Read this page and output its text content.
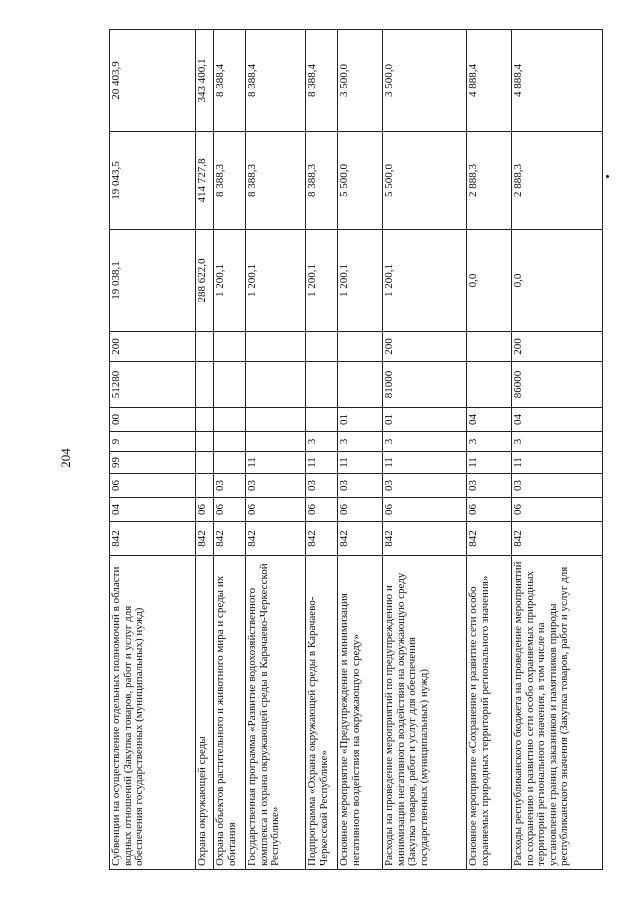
204
Субвенции на осуществление отдельных полномочий в области водных отношений (Закупка товаров, работ и услуг для обеспечения государственных (муниципальных) нужд)	842	04	06	99	9	00	51280	200	19 038,1	19 043,5	20 403,9
Охрана окружающей среды	842	06							288 622,0	414 727,8	343 400,1
Охрана объектов растительного и животного мира и среды их обитания	842	06	03						1 200,1	8 388,3	8 388,4
Государственная программа «Развитие водохозяйственного комплекса и охрана окружающей среды в Карачаево-Черкесской Республике»	842	06	03	11					1 200,1	8 388,3	8 388,4
Подпрограмма «Охрана окружающей среды в Карачаево-Черкесской Республике»	842	06	03	11	3				1 200,1	8 388,3	8 388,4
Основное мероприятие «Предупреждение и минимизация негативного воздействия на окружающую среду»	842	06	03	11	3	01			1 200,1	5 500,0	3 500,0
Расходы на проведение мероприятий по предупреждению и минимизации негативного воздействия на окружающую среду (Закупка товаров, работ и услуг для обеспечения государственных (муниципальных) нужд)	842	06	03	11	3	01	81000	200	1 200,1	5 500,0	3 500,0
Основное мероприятие «Сохранение и развитие сети особо охраняемых природных территорий регионального значения»	842	06	03	11	3	04			0,0	2 888,3	4 888,4
Расходы республиканского бюджета на проведение мероприятий по сохранению и развитию сети особо охраняемых природных территорий регионального значения, в том числе на установление границ заказников и памятников природы республиканского значения (Закупка товаров, работ и услуг для	842	06	03	11	3	04	86000	200	0,0	2 888,3	4 888,4
